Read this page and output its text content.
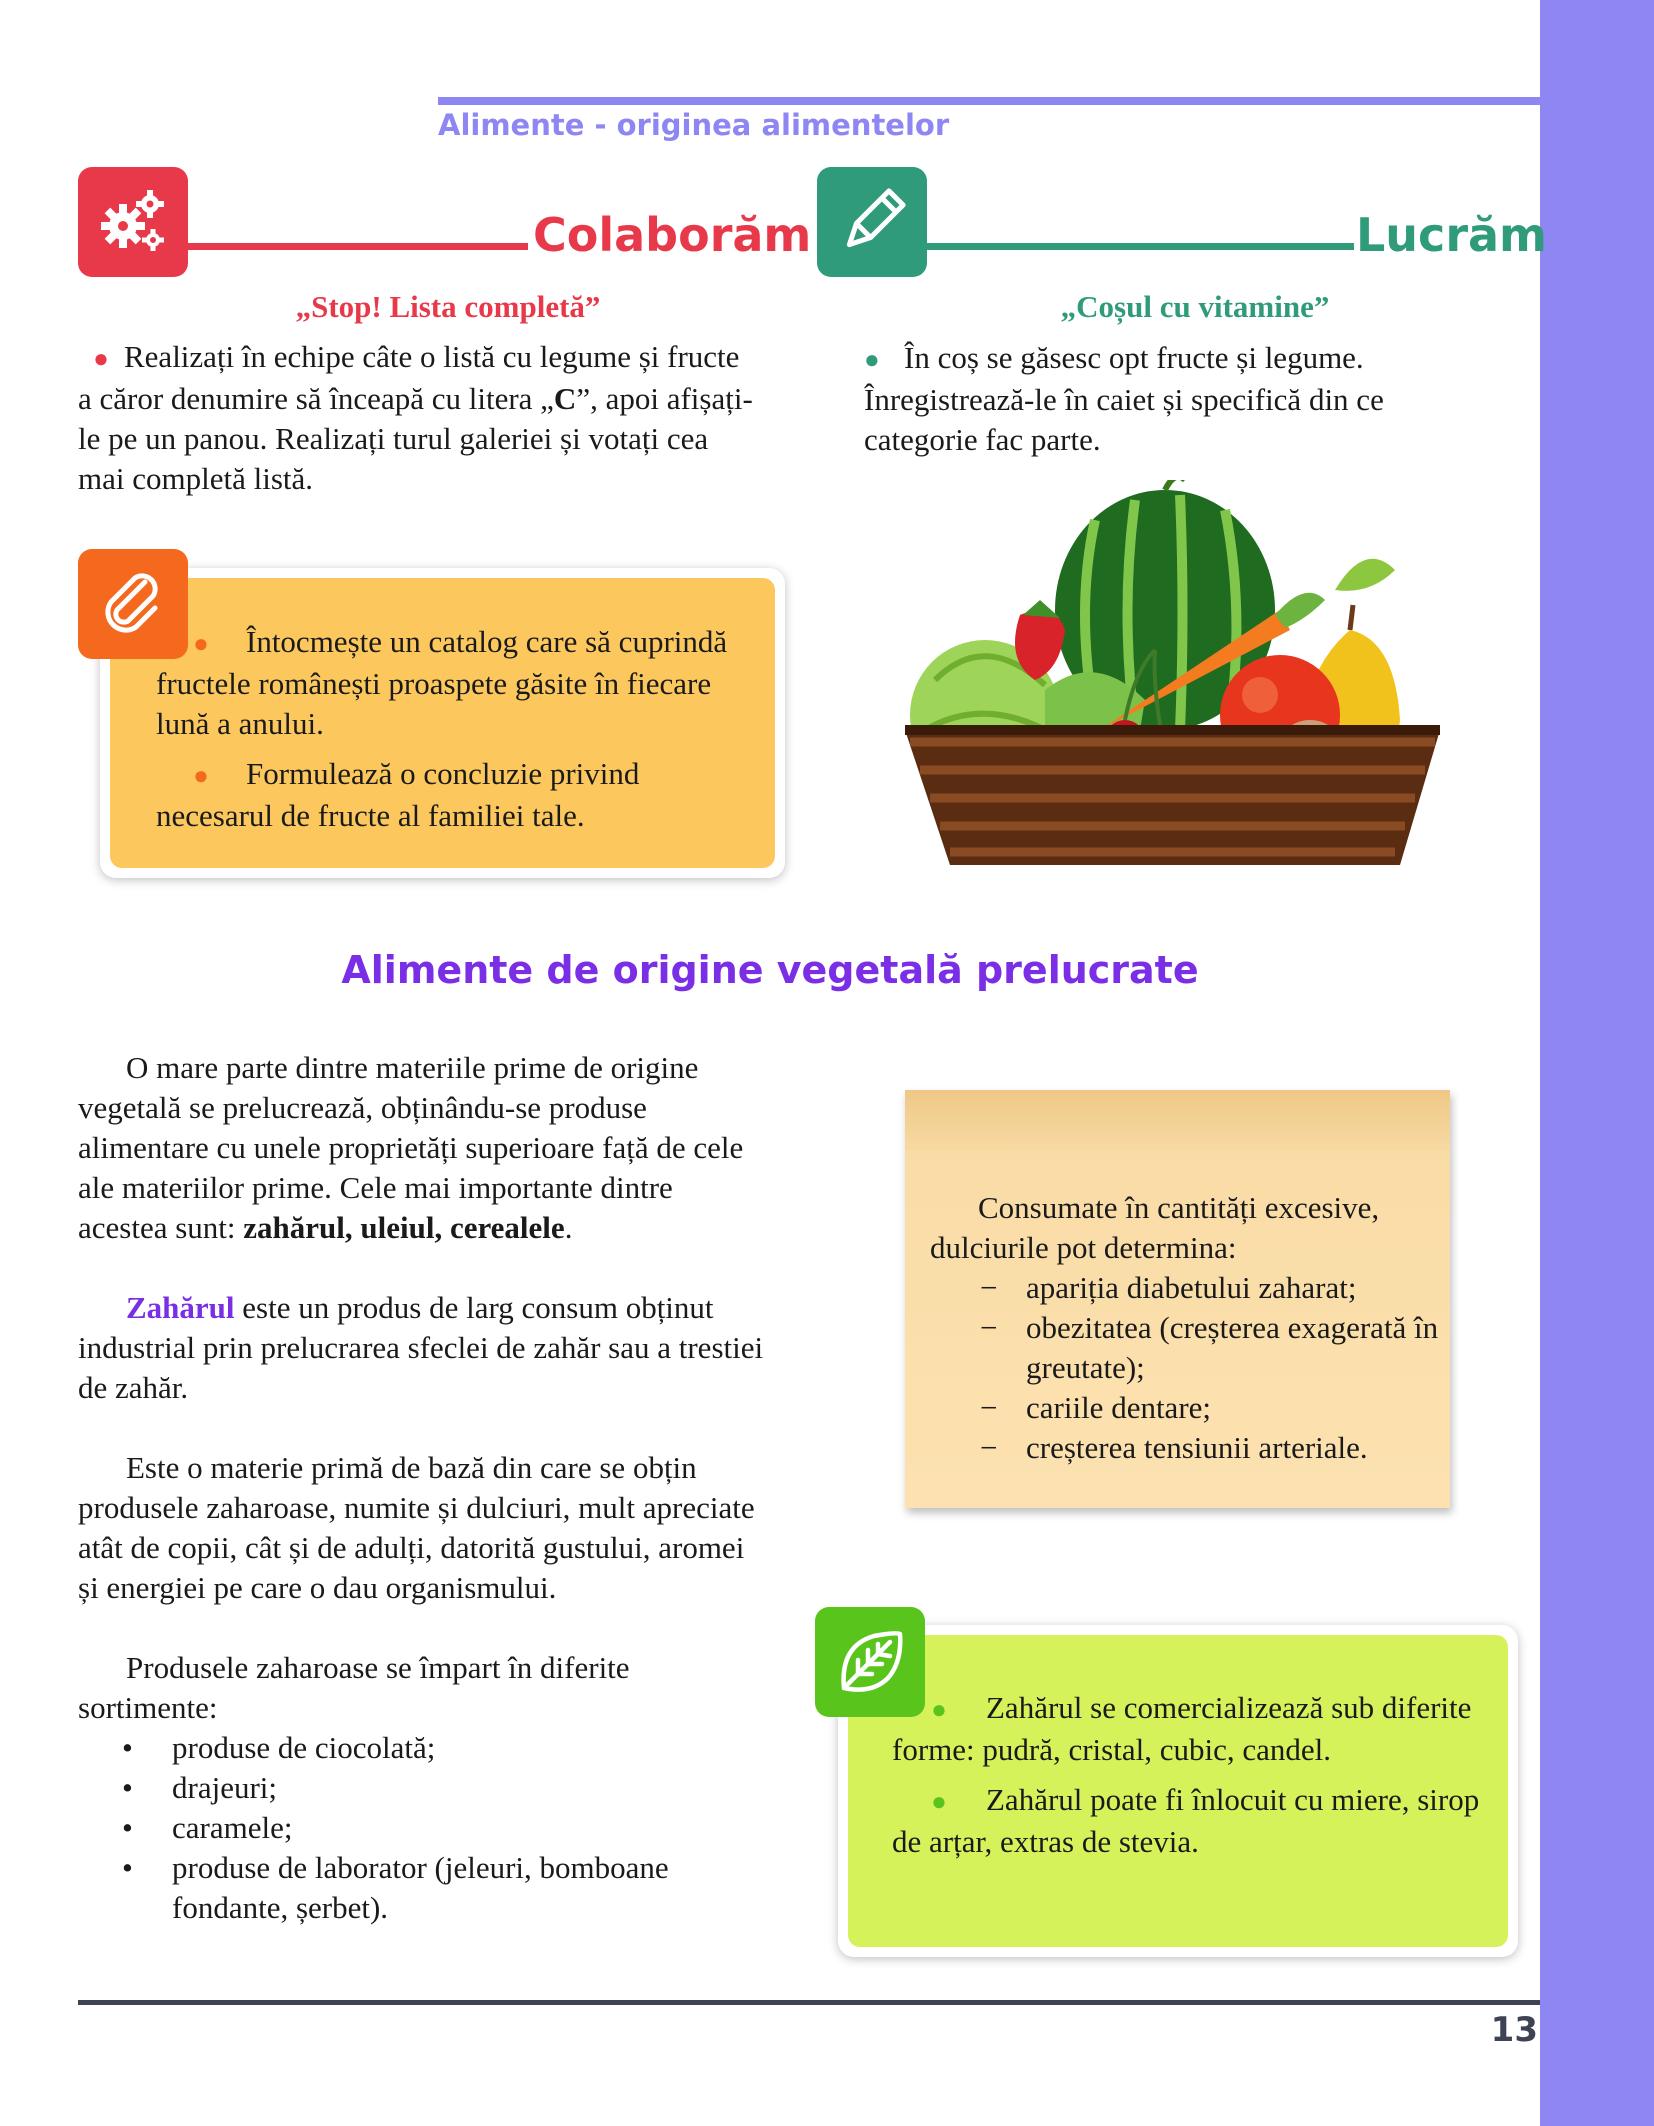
Alimente - originea alimentelor
Colaborăm
„Stop! Lista completă”
● Realizați în echipe câte o listă cu legume și fructe a căror denumire să înceapă cu litera „C”, apoi afișați-le pe un panou. Realizați turul galeriei și votați cea mai completă listă.
Lucrăm
„Coșul cu vitamine”
● În coș se găsesc opt fructe și legume. Înregistrează-le în caiet și specifică din ce categorie fac parte.

● Întocmește un catalog care să cuprindă fructele românești proaspete găsite în fiecare lună a anului.

● Formulează o concluzie privind necesarul de fructe al familiei tale.

Alimente de origine vegetală prelucrate

O mare parte dintre materiile prime de origine vegetală se prelucrează, obținându-se produse alimentare cu unele proprietăți superioare față de cele ale materiilor prime. Cele mai importante dintre acestea sunt: zahărul, uleiul, cerealele.

Zahărul este un produs de larg consum obținut industrial prin prelucrarea sfeclei de zahăr sau a trestiei de zahăr.

Este o materie primă de bază din care se obțin produsele zaharoase, numite și dulciuri, mult apreciate atât de copii, cât și de adulți, datorită gustului, aromei și energiei pe care o dau organismului.

Produsele zaharoase se împart în diferite sortimente:

• produse de ciocolată;
• drajeuri;
• caramele;
• produse de laborator (jeleuri, bomboane fondante, șerbet).

Consumate în cantități excesive, dulciurile pot determina:

− apariția diabetului zaharat;
− obezitatea (creșterea exagerată în greutate);
− cariile dentare;
− creșterea tensiunii arteriale.

● Zahărul se comercializează sub diferite forme: pudră, cristal, cubic, candel.

● Zahărul poate fi înlocuit cu miere, sirop de arțar, extras de stevia.

13
